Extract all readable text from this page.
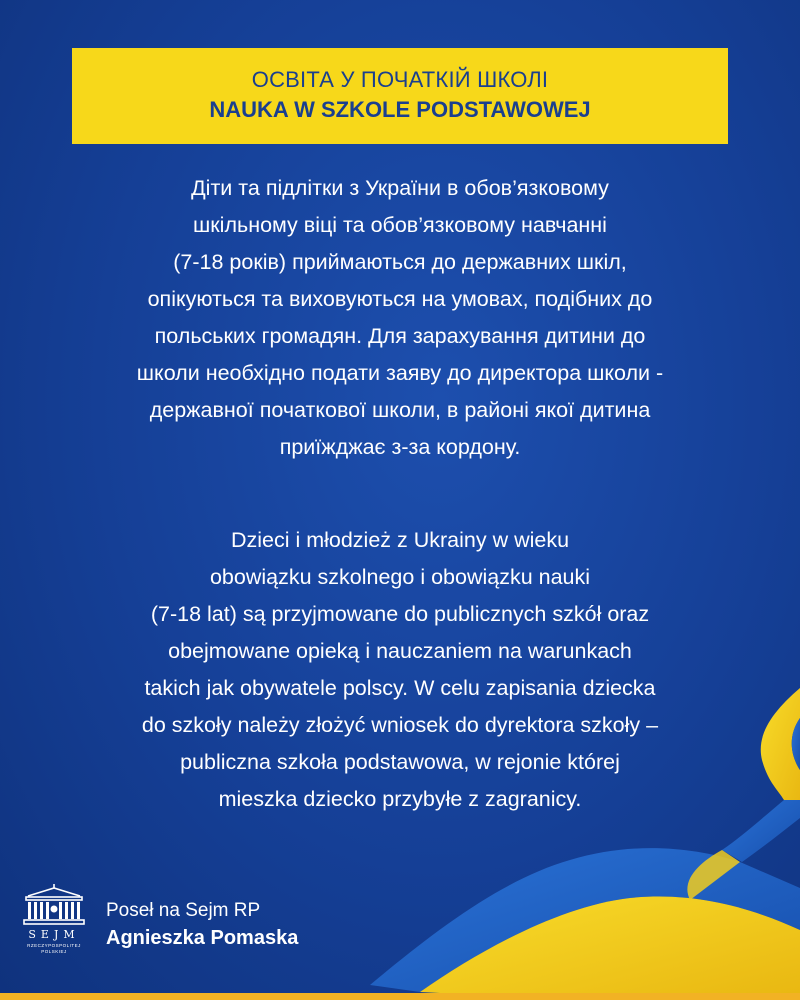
ОСВІТА У ПОЧАТКІЙ ШКОЛІ
NAUKA W SZKOLE PODSTAWOWEJ
Діти та підлітки з України в обов’язковому
шкільному віці та обов’язковому навчанні
(7-18 років) приймаються до державних шкіл,
опікуються та виховуються на умовах, подібних до
польських громадян. Для зарахування дитини до
школи необхідно подати заяву до директора школи -
державної початкової школи, в районі якої дитина
приїжджає з-за кордону.
Dzieci i młodzież z Ukrainy w wieku
obowiązku szkolnego i obowiązku nauki
(7-18 lat) są przyjmowane do publicznych szkół oraz
obejmowane opieką i nauczaniem na warunkach
takich jak obywatele polscy. W celu zapisania dziecka
do szkoły należy złożyć wniosek do dyrektora szkoły –
publiczna szkoła podstawowa, w rejonie której
mieszka dziecko przybyłe z zagranicy.
SEJM
RZECZYPOSPOLITEJ
POLSKIEJ
Poseł na Sejm RP
Agnieszka Pomaska
